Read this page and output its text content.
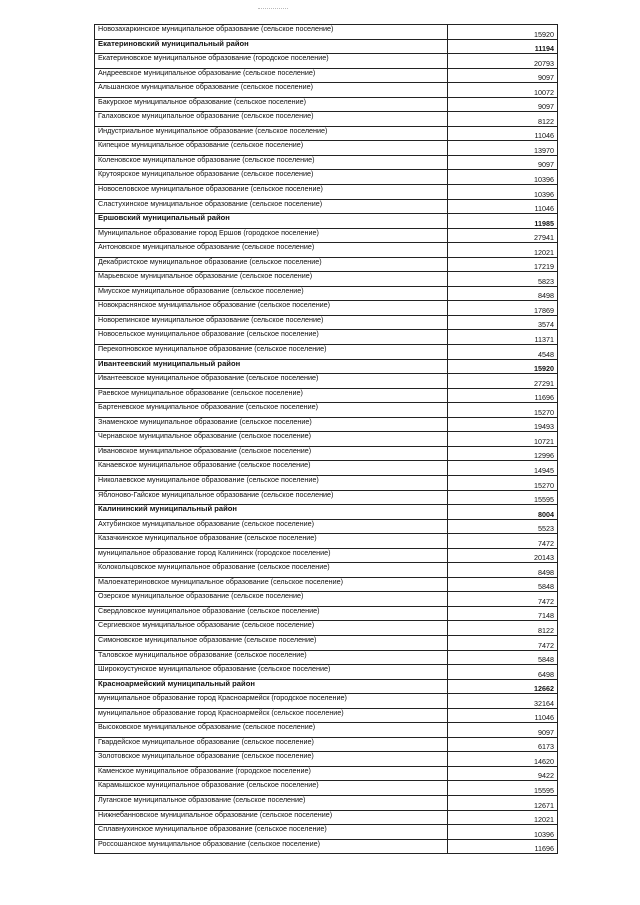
Новозахаркинское муниципальное образование (сельское поселение)	15920
Екатериновский муниципальный район	11194
Екатериновское муниципальное образование (городское поселение)	20793
Андреевское муниципальное образование (сельское поселение)	9097
Альшанское муниципальное образование (сельское поселение)	10072
Бакурское муниципальное образование (сельское поселение)	9097
Галаховское муниципальное образование (сельское поселение)	8122
Индустриальное муниципальное образование (сельское поселение)	11046
Кипецкое муниципальное образование (сельское поселение)	13970
Коленовское муниципальное образование (сельское поселение)	9097
Крутоярское муниципальное образование (сельское поселение)	10396
Новоселовское муниципальное образование (сельское поселение)	10396
Сластухинское муниципальное образование (сельское поселение)	11046
Ершовский муниципальный район	11985
Муниципальное образование город Ершов (городское поселение)	27941
Антоновское муниципальное образование (сельское поселение)	12021
Декабристское муниципальное образование (сельское поселение)	17219
Марьевское муниципальное образование (сельское поселение)	5823
Миусское муниципальное образование (сельское поселение)	8498
Новокраснянское муниципальное образование (сельское поселение)	17869
Новорепинское муниципальное образование (сельское поселение)	3574
Новосельское муниципальное образование (сельское поселение)	11371
Перекопновское муниципальное образование (сельское поселение)	4548
Ивантеевский муниципальный район	15920
Ивантеевское муниципальное образование (сельское поселение)	27291
Раевское муниципальное образование (сельское поселение)	11696
Бартеневское муниципальное образование (сельское поселение)	15270
Знаменское муниципальное образование (сельское поселение)	19493
Чернавское муниципальное образование (сельское поселение)	10721
Ивановское муниципальное образование (сельское поселение)	12996
Канаевское муниципальное образование (сельское поселение)	14945
Николаевское муниципальное образование (сельское поселение)	15270
Яблоново-Гайское муниципальное образование (сельское поселение)	15595
Калининский муниципальный район	8004
Ахтубинское муниципальное образование (сельское поселение)	5523
Казачкинское муниципальное образование (сельское поселение)	7472
муниципальное образование город Калининск (городское поселение)	20143
Колокольцовское муниципальное образование (сельское поселение)	8498
Малоекатериновское муниципальное образование (сельское поселение)	5848
Озерское муниципальное образование (сельское поселение)	7472
Свердловское муниципальное образование (сельское поселение)	7148
Сергиевское муниципальное образование (сельское поселение)	8122
Симоновское муниципальное образование (сельское поселение)	7472
Таловское муниципальное образование (сельское поселение)	5848
Широкоустунское муниципальное образование (сельское поселение)	6498
Красноармейский муниципальный район	12662
муниципальное образование город Красноармейск (городское поселение)	32164
муниципальное образование город Красноармейск (сельское поселение)	11046
Высоковское муниципальное образование (сельское поселение)	9097
Гвардейское муниципальное образование (сельское поселение)	6173
Золотовское муниципальное образование (сельское поселение)	14620
Каменское муниципальное образование (городское поселение)	9422
Карамышское муниципальное образование (сельское поселение)	15595
Луганское муниципальное образование (сельское поселение)	12671
Нижнебанновское муниципальное образование (сельское поселение)	12021
Сплавнухинское муниципальное образование (сельское поселение)	10396
Россошанское муниципальное образование (сельское поселение)	11696
